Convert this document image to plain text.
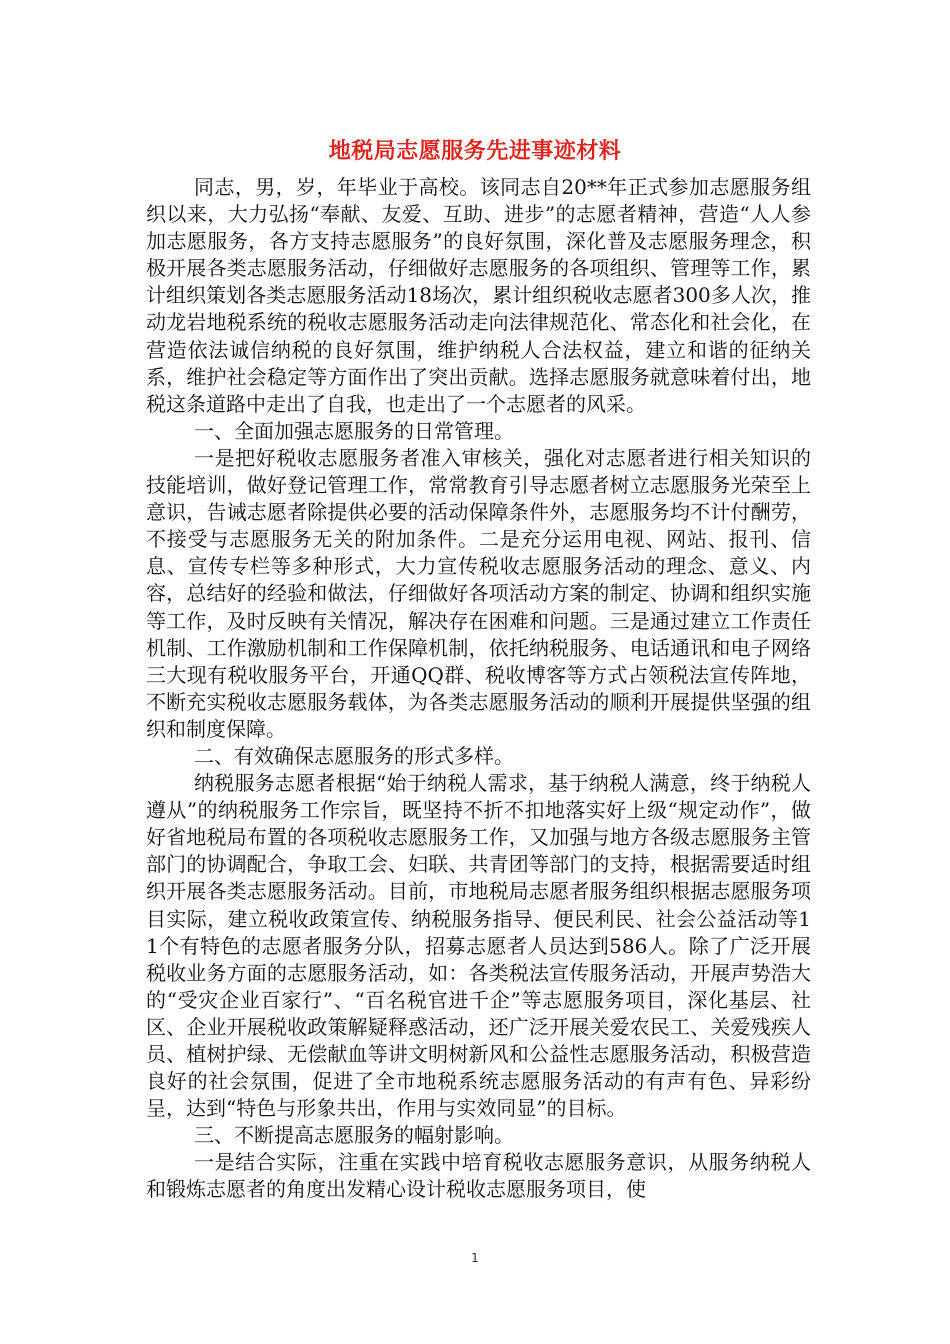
地税局志愿服务先进事迹材料

同志，男，岁，年毕业于高校。该同志自20**年正式参加志愿服务组织以来，大力弘扬“奉献、友爱、互助、进步”的志愿者精神，营造“人人参加志愿服务，各方支持志愿服务”的良好氛围，深化普及志愿服务理念，积极开展各类志愿服务活动，仔细做好志愿服务的各项组织、管理等工作，累计组织策划各类志愿服务活动18场次，累计组织税收志愿者300多人次，推动龙岩地税系统的税收志愿服务活动走向法律规范化、常态化和社会化，在营造依法诚信纳税的良好氛围，维护纳税人合法权益，建立和谐的征纳关系，维护社会稳定等方面作出了突出贡献。选择志愿服务就意味着付出，地税这条道路中走出了自我，也走出了一个志愿者的风采。

一、全面加强志愿服务的日常管理。

一是把好税收志愿服务者准入审核关，强化对志愿者进行相关知识的技能培训，做好登记管理工作，常常教育引导志愿者树立志愿服务光荣至上意识，告诫志愿者除提供必要的活动保障条件外，志愿服务均不计付酬劳，不接受与志愿服务无关的附加条件。二是充分运用电视、网站、报刊、信息、宣传专栏等多种形式，大力宣传税收志愿服务活动的理念、意义、内容，总结好的经验和做法，仔细做好各项活动方案的制定、协调和组织实施等工作，及时反映有关情况，解决存在困难和问题。三是通过建立工作责任机制、工作激励机制和工作保障机制，依托纳税服务、电话通讯和电子网络三大现有税收服务平台，开通QQ群、税收博客等方式占领税法宣传阵地，不断充实税收志愿服务载体，为各类志愿服务活动的顺利开展提供坚强的组织和制度保障。

二、有效确保志愿服务的形式多样。

纳税服务志愿者根据“始于纳税人需求，基于纳税人满意，终于纳税人遵从”的纳税服务工作宗旨，既坚持不折不扣地落实好上级“规定动作”，做好省地税局布置的各项税收志愿服务工作，又加强与地方各级志愿服务主管部门的协调配合，争取工会、妇联、共青团等部门的支持，根据需要适时组织开展各类志愿服务活动。目前，市地税局志愿者服务组织根据志愿服务项目实际，建立税收政策宣传、纳税服务指导、便民利民、社会公益活动等11个有特色的志愿者服务分队，招募志愿者人员达到586人。除了广泛开展税收业务方面的志愿服务活动，如：各类税法宣传服务活动，开展声势浩大的“受灾企业百家行”、“百名税官进千企”等志愿服务项目，深化基层、社区、企业开展税收政策解疑释惑活动，还广泛开展关爱农民工、关爱残疾人员、植树护绿、无偿献血等讲文明树新风和公益性志愿服务活动，积极营造良好的社会氛围，促进了全市地税系统志愿服务活动的有声有色、异彩纷呈，达到“特色与形象共出，作用与实效同显”的目标。

三、不断提高志愿服务的幅射影响。

一是结合实际，注重在实践中培育税收志愿服务意识，从服务纳税人和锻炼志愿者的角度出发精心设计税收志愿服务项目，使

1
